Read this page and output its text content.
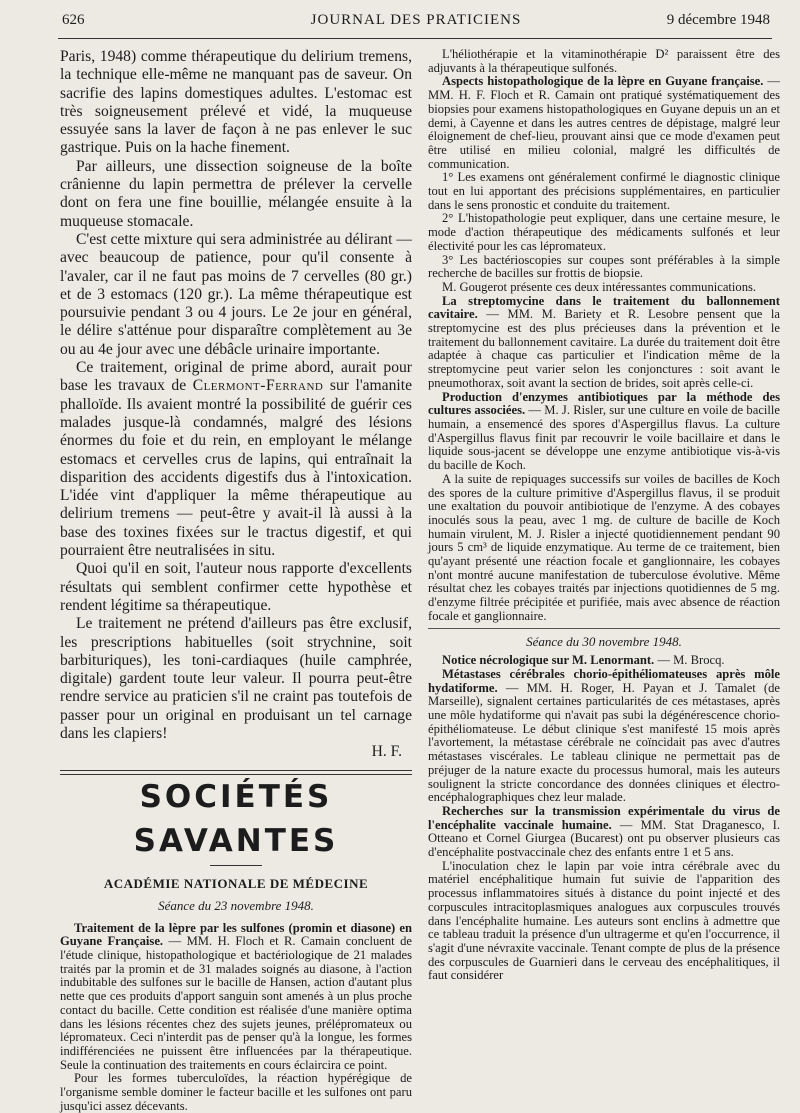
626	JOURNAL DES PRATICIENS	9 décembre 1948

Paris, 1948) comme thérapeutique du delirium tremens, la technique elle-même ne manquant pas de saveur. On sacrifie des lapins domestiques adultes. L'estomac est très soigneusement prélevé et vidé, la muqueuse essuyée sans la laver de façon à ne pas enlever le suc gastrique. Puis on la hache finement.

Par ailleurs, une dissection soigneuse de la boîte crânienne du lapin permettra de prélever la cervelle dont on fera une fine bouillie, mélangée ensuite à la muqueuse stomacale.

C'est cette mixture qui sera administrée au délirant — avec beaucoup de patience, pour qu'il consente à l'avaler, car il ne faut pas moins de 7 cervelles (80 gr.) et de 3 estomacs (120 gr.). La même thérapeutique est poursuivie pendant 3 ou 4 jours. Le 2e jour en général, le délire s'atténue pour disparaître complètement au 3e ou au 4e jour avec une débâcle urinaire importante.

Ce traitement, original de prime abord, aurait pour base les travaux de Clermont-Ferrand sur l'amanite phalloïde. Ils avaient montré la possibilité de guérir ces malades jusque-là condamnés, malgré des lésions énormes du foie et du rein, en employant le mélange estomacs et cervelles crus de lapins, qui entraînait la disparition des accidents digestifs dus à l'intoxication. L'idée vint d'appliquer la même thérapeutique au delirium tremens — peut-être y avait-il là aussi à la base des toxines fixées sur le tractus digestif, et qui pourraient être neutralisées in situ.

Quoi qu'il en soit, l'auteur nous rapporte d'excellents résultats qui semblent confirmer cette hypothèse et rendent légitime sa thérapeutique.

Le traitement ne prétend d'ailleurs pas être exclusif, les prescriptions habituelles (soit strychnine, soit barbituriques), les toni-cardiaques (huile camphrée, digitale) gardent toute leur valeur. Il pourra peut-être rendre service au praticien s'il ne craint pas toutefois de passer pour un original en produisant un tel carnage dans les clapiers!

H. F.

SOCIÉTÉS SAVANTES
ACADÉMIE NATIONALE DE MÉDECINE
Séance du 23 novembre 1948.

Traitement de la lèpre par les sulfones (promin et diasone) en Guyane Française. — MM. H. Floch et R. Camain concluent de l'étude clinique, histopathologique et bactériologique de 21 malades traités par la promin et de 31 malades soignés au diasone, à l'action indubitable des sulfones sur le bacille de Hansen, action d'autant plus nette que ces produits d'apport sanguin sont amenés à un plus proche contact du bacille. Cette condition est réalisée d'une manière optima dans les lésions récentes chez des sujets jeunes, prélépromateux ou lépromateux. Ceci n'interdit pas de penser qu'à la longue, les formes indifférenciées ne puissent être influencées par la thérapeutique. Seule la continuation des traitements en cours éclaircira ce point.

Pour les formes tuberculoïdes, la réaction hypérégique de l'organisme semble dominer le facteur bacille et les sulfones ont paru jusqu'ici assez décevants.

L'héliothérapie et la vitaminothérapie D² paraissent être des adjuvants à la thérapeutique sulfonés.

Aspects histopathologique de la lèpre en Guyane française. — MM. H. F. Floch et R. Camain ont pratiqué systématiquement des biopsies pour examens histopathologiques en Guyane depuis un an et demi, à Cayenne et dans les autres centres de dépistage, malgré leur éloignement de chef-lieu, prouvant ainsi que ce mode d'examen peut être utilisé en milieu colonial, malgré les difficultés de communication.

1° Les examens ont généralement confirmé le diagnostic clinique tout en lui apportant des précisions supplémentaires, en particulier dans le sens pronostic et conduite du traitement.

2° L'histopathologie peut expliquer, dans une certaine mesure, le mode d'action thérapeutique des médicaments sulfonés et leur électivité pour les cas lépromateux.

3° Les bactérioscopies sur coupes sont préférables à la simple recherche de bacilles sur frottis de biopsie.

M. Gougerot présente ces deux intéressantes communications.

La streptomycine dans le traitement du ballonnement cavitaire. — MM. M. Bariety et R. Lesobre pensent que la streptomycine est des plus précieuses dans la prévention et le traitement du ballonnement cavitaire. La durée du traitement doit être adaptée à chaque cas particulier et l'indication même de la streptomycine peut varier selon les conjonctures : soit avant le pneumothorax, soit avant la section de brides, soit après celle-ci.

Production d'enzymes antibiotiques par la méthode des cultures associées. — M. J. Risler, sur une culture en voile de bacille humain, a ensemencé des spores d'Aspergillus flavus. La culture d'Aspergillus flavus finit par recouvrir le voile bacillaire et dans le liquide sous-jacent se développe une enzyme antibiotique vis-à-vis du bacille de Koch.

A la suite de repiquages successifs sur voiles de bacilles de Koch des spores de la culture primitive d'Aspergillus flavus, il se produit une exaltation du pouvoir antibiotique de l'enzyme. A des cobayes inoculés sous la peau, avec 1 mg. de culture de bacille de Koch humain virulent, M. J. Risler a injecté quotidiennement pendant 90 jours 5 cm³ de liquide enzymatique. Au terme de ce traitement, bien qu'ayant présenté une réaction focale et ganglionnaire, les cobayes n'ont montré aucune manifestation de tuberculose évolutive. Même résultat chez les cobayes traités par injections quotidiennes de 5 mg. d'enzyme filtrée précipitée et purifiée, mais avec absence de réaction focale et ganglionnaire.

Séance du 30 novembre 1948.

Notice nécrologique sur M. Lenormant. — M. Brocq.

Métastases cérébrales chorio-épithéliomateuses après môle hydatiforme. — MM. H. Roger, H. Payan et J. Tamalet (de Marseille), signalent certaines particularités de ces métastases, après une môle hydatiforme qui n'avait pas subi la dégénérescence chorio-épithéliomateuse. Le début clinique s'est manifesté 15 mois après l'avortement, la métastase cérébrale ne coïncidait pas avec d'autres métastases viscérales. Le tableau clinique ne permettait pas de préjuger de la nature exacte du processus humoral, mais les auteurs soulignent la stricte concordance des données cliniques et électro-encéphalographiques chez leur malade.

Recherches sur la transmission expérimentale du virus de l'encéphalite vaccinale humaine. — MM. Stat Draganesco, I. Otteano et Cornel Giurgea (Bucarest) ont pu observer plusieurs cas d'encéphalite postvaccinale chez des enfants entre 1 et 5 ans.

L'inoculation chez le lapin par voie intra cérébrale avec du matériel encéphalitique humain fut suivie de l'apparition des processus inflammatoires situés à distance du point injecté et des corpuscules intracitoplasmiques analogues aux corpuscules trouvés dans l'encéphalite humaine. Les auteurs sont enclins à admettre que ce tableau traduit la présence d'un ultragerme et qu'en l'occurrence, il s'agit d'une névraxite vaccinale. Tenant compte de plus de la présence des corpuscules de Guarnieri dans le cerveau des encéphalitiques, il faut considérer
